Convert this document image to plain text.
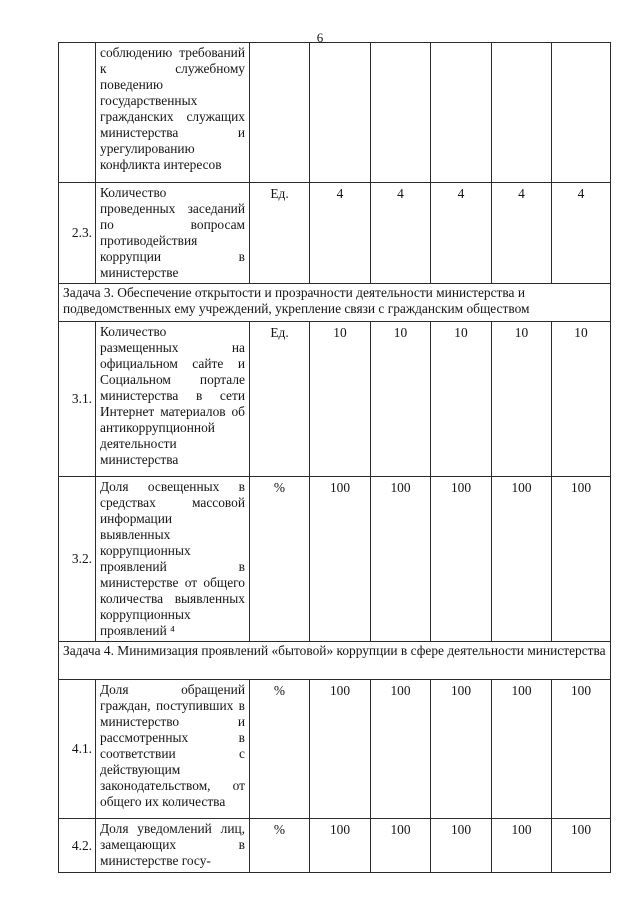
6

	соблюдению требований к служебному поведению государственных гражданских служащих министерства и урегулированию конфликта интересов						

2.3.	Количество проведенных заседаний по вопросам противодействия коррупции в министерстве	Ед.	4	4	4	4	4
Задача 3. Обеспечение открытости и прозрачности деятельности министерства и подведомственных ему учреждений, укрепление связи с гражданским обществом							
3.1.	Количество размещенных на официальном сайте и Социальном портале министерства в сети Интернет материалов об антикоррупционной деятельности министерства	Ед.	10	10	10	10	10
3.2.	Доля освещенных в средствах массовой информации выявленных коррупционных проявлений в министерстве от общего количества выявленных коррупционных проявлений ⁴	%	100	100	100	100	100
Задача 4. Минимизация проявлений «бытовой» коррупции в сфере деятельности министерства							
4.1.	Доля обращений граждан, поступивших в министерство и рассмотренных в соответствии с действующим законодательством, от общего их количества	%	100	100	100	100	100
4.2.	Доля уведомлений лиц, замещающих в министерстве госу-	%	100	100	100	100	100
